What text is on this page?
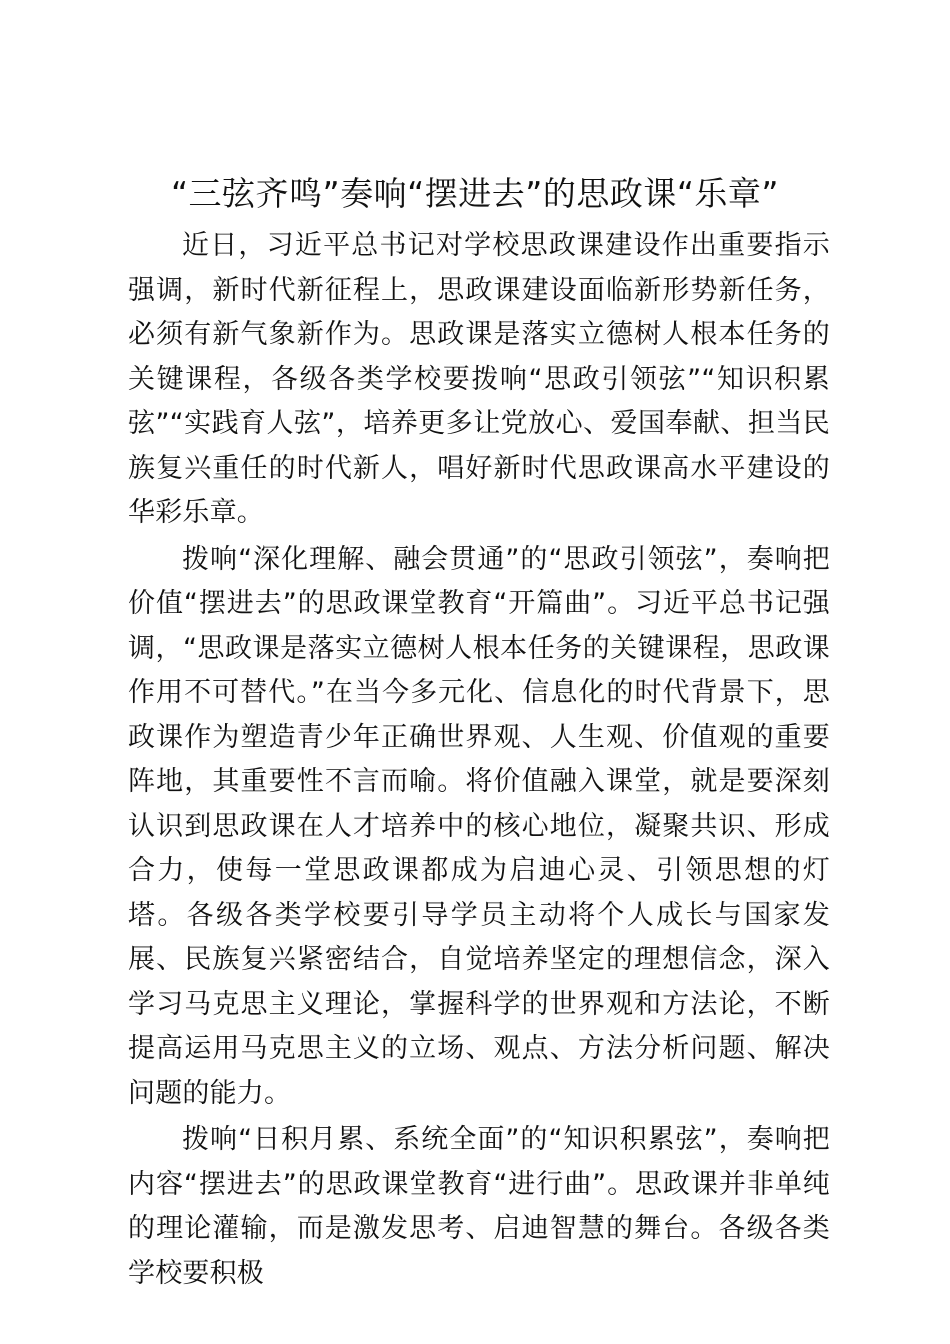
“三弦齐鸣”奏响“摆进去”的思政课“乐章”

近日，习近平总书记对学校思政课建设作出重要指示强调，新时代新征程上，思政课建设面临新形势新任务，必须有新气象新作为。思政课是落实立德树人根本任务的关键课程，各级各类学校要拨响“思政引领弦”“知识积累弦”“实践育人弦”，培养更多让党放心、爱国奉献、担当民族复兴重任的时代新人，唱好新时代思政课高水平建设的华彩乐章。

拨响“深化理解、融会贯通”的“思政引领弦”，奏响把价值“摆进去”的思政课堂教育“开篇曲”。习近平总书记强调，“思政课是落实立德树人根本任务的关键课程，思政课作用不可替代。”在当今多元化、信息化的时代背景下，思政课作为塑造青少年正确世界观、人生观、价值观的重要阵地，其重要性不言而喻。将价值融入课堂，就是要深刻认识到思政课在人才培养中的核心地位，凝聚共识、形成合力，使每一堂思政课都成为启迪心灵、引领思想的灯塔。各级各类学校要引导学员主动将个人成长与国家发展、民族复兴紧密结合，自觉培养坚定的理想信念，深入学习马克思主义理论，掌握科学的世界观和方法论，不断提高运用马克思主义的立场、观点、方法分析问题、解决问题的能力。

拨响“日积月累、系统全面”的“知识积累弦”，奏响把内容“摆进去”的思政课堂教育“进行曲”。思政课并非单纯的理论灌输，而是激发思考、启迪智慧的舞台。各级各类学校要积极
